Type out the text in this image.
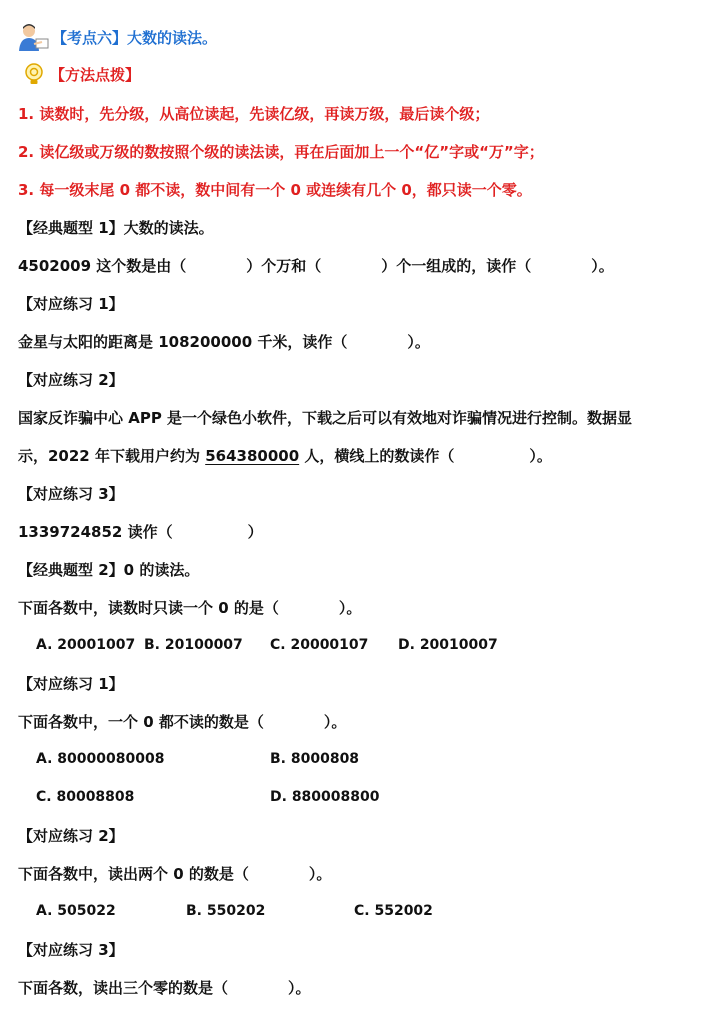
【考点六】大数的读法。
【方法点拨】
1. 读数时，先分级，从高位读起，先读亿级，再读万级，最后读个级；
2. 读亿级或万级的数按照个级的读法读，再在后面加上一个“亿”字或“万”字；
3. 每一级末尾 0 都不读，数中间有一个 0 或连续有几个 0，都只读一个零。
【经典题型 1】大数的读法。
4502009 这个数是由（　　　　）个万和（　　　　）个一组成的，读作（　　　　）。
【对应练习 1】
金星与太阳的距离是 108200000 千米，读作（　　　　）。
【对应练习 2】
国家反诈骗中心 APP 是一个绿色小软件，下载之后可以有效地对诈骗情况进行控制。数据显
示，2022 年下载用户约为 564380000 人，横线上的数读作（　　　　　）。
【对应练习 3】
1339724852 读作（　　　　　）
【经典题型 2】0 的读法。
下面各数中，读数时只读一个 0 的是（　　　　）。
A. 20001007 B. 20100007 C. 20000107 D. 20010007
【对应练习 1】
下面各数中，一个 0 都不读的数是（　　　　）。
A. 80000080008	B. 8000808
C. 80008808	D. 880008800
【对应练习 2】
下面各数中，读出两个 0 的数是（　　　　）。
A. 505022	B. 550202	C. 552002
【对应练习 3】
下面各数，读出三个零的数是（　　　　）。
